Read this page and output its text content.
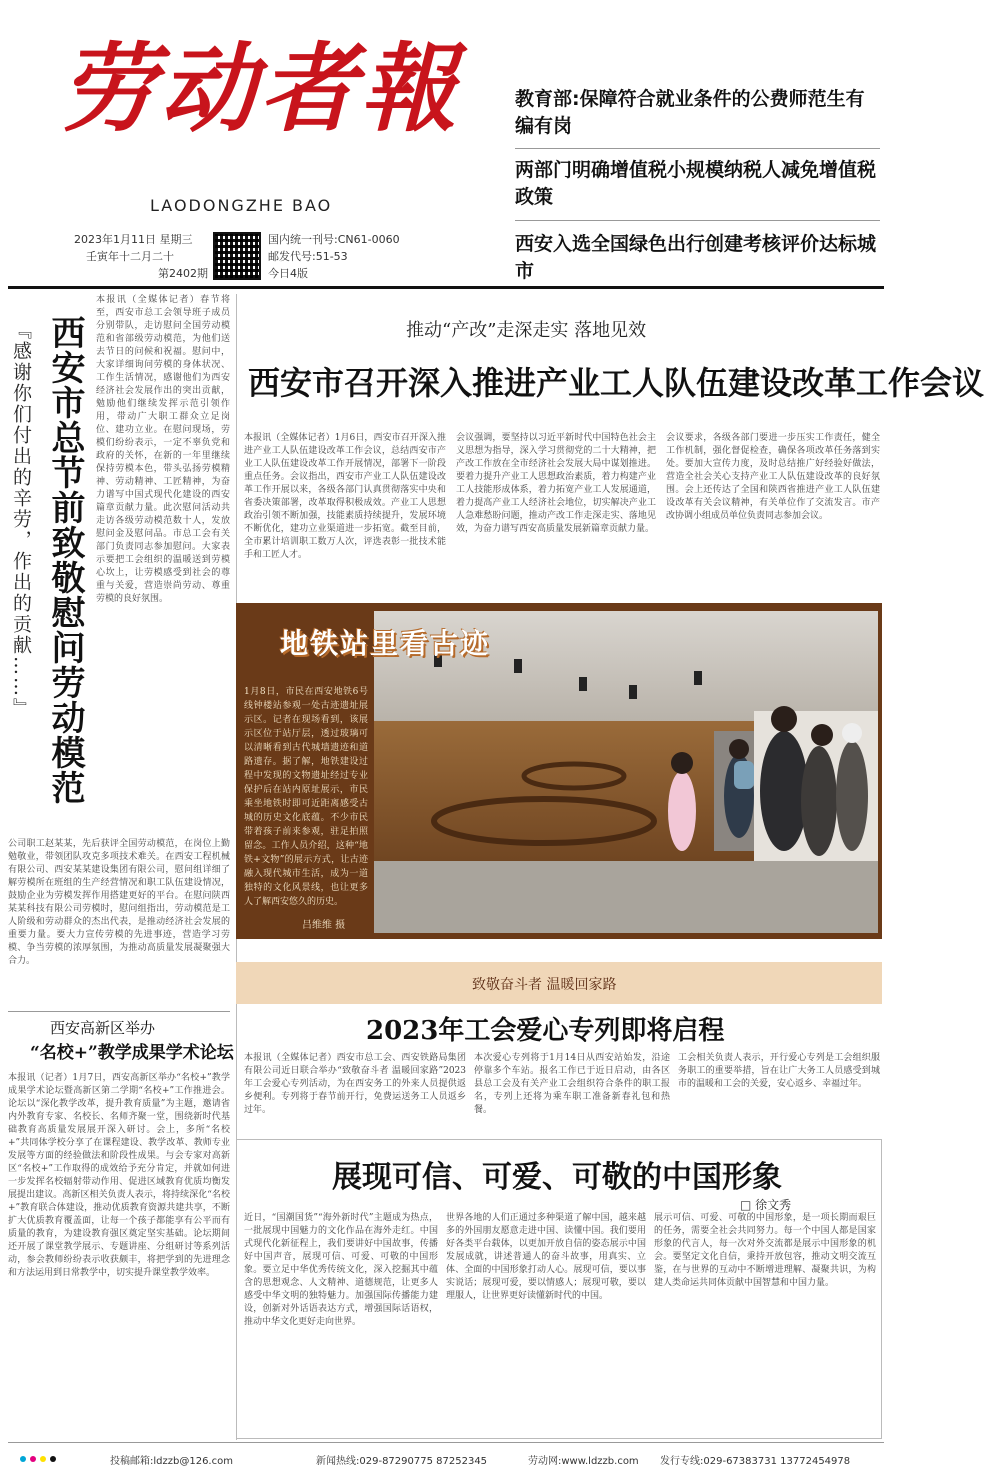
劳动者報
LAODONGZHE BAO
2023年1月11日 星期三
壬寅年十二月二十
第2402期
国内统一刊号:CN61-0060
邮发代号:51-53
今日4版
教育部:保障符合就业条件的公费师范生有编有岗
两部门明确增值税小规模纳税人减免增值税政策
西安入选全国绿色出行创建考核评价达标城市
『感谢你们付出的辛劳，作出的贡献……』 西安市总节前致敬慰问劳动模范
本报讯（全媒体记者）春节将至，西安市总工会领导班子成员分别带队，走访慰问全国劳动模范和省部级劳动模范，为他们送去节日的问候和祝福。慰问中，大家详细询问劳模的身体状况、工作生活情况，感谢他们为西安经济社会发展作出的突出贡献，勉励他们继续发挥示范引领作用，带动广大职工群众立足岗位、建功立业。在慰问现场，劳模们纷纷表示，一定不辜负党和政府的关怀，在新的一年里继续保持劳模本色，带头弘扬劳模精神、劳动精神、工匠精神，为奋力谱写中国式现代化建设的西安篇章贡献力量。此次慰问活动共走访各级劳动模范数十人，发放慰问金及慰问品。市总工会有关部门负责同志参加慰问。大家表示要把工会组织的温暖送到劳模心坎上，让劳模感受到社会的尊重与关爱，营造崇尚劳动、尊重劳模的良好氛围。
公司职工赵某某，先后获评全国劳动模范，在岗位上勤勉敬业，带领团队攻克多项技术难关。在西安工程机械有限公司、西安某某建设集团有限公司，慰问组详细了解劳模所在班组的生产经营情况和职工队伍建设情况，鼓励企业为劳模发挥作用搭建更好的平台。在慰问陕西某某科技有限公司劳模时，慰问组指出，劳动模范是工人阶级和劳动群众的杰出代表，是推动经济社会发展的重要力量。要大力宣传劳模的先进事迹，营造学习劳模、争当劳模的浓厚氛围，为推动高质量发展凝聚强大合力。
西安高新区举办
“名校+”教学成果学术论坛
本报讯（记者）1月7日，西安高新区举办“名校+”教学成果学术论坛暨高新区第二学期“名校+”工作推进会。论坛以“深化教学改革，提升教育质量”为主题，邀请省内外教育专家、名校长、名师齐聚一堂，围绕新时代基础教育高质量发展展开深入研讨。会上，多所“名校+”共同体学校分享了在课程建设、教学改革、教师专业发展等方面的经验做法和阶段性成果。与会专家对高新区“名校+”工作取得的成效给予充分肯定，并就如何进一步发挥名校辐射带动作用、促进区域教育优质均衡发展提出建议。高新区相关负责人表示，将持续深化“名校+”教育联合体建设，推动优质教育资源共建共享，不断扩大优质教育覆盖面，让每一个孩子都能享有公平而有质量的教育，为建设教育强区奠定坚实基础。论坛期间还开展了课堂教学展示、专题讲座、分组研讨等系列活动，参会教师纷纷表示收获颇丰，将把学到的先进理念和方法运用到日常教学中，切实提升课堂教学效率。
推动“产改”走深走实 落地见效
西安市召开深入推进产业工人队伍建设改革工作会议
本报讯（全媒体记者）1月6日，西安市召开深入推进产业工人队伍建设改革工作会议，总结西安市产业工人队伍建设改革工作开展情况，部署下一阶段重点任务。会议指出，西安市产业工人队伍建设改革工作开展以来，各级各部门认真贯彻落实中央和省委决策部署，改革取得积极成效。产业工人思想政治引领不断加强，技能素质持续提升，发展环境不断优化，建功立业渠道进一步拓宽。截至目前，全市累计培训职工数万人次，评选表彰一批技术能手和工匠人才。
会议强调，要坚持以习近平新时代中国特色社会主义思想为指导，深入学习贯彻党的二十大精神，把产改工作放在全市经济社会发展大局中谋划推进。要着力提升产业工人思想政治素质，着力构建产业工人技能形成体系，着力拓宽产业工人发展通道，着力提高产业工人经济社会地位，切实解决产业工人急难愁盼问题，推动产改工作走深走实、落地见效，为奋力谱写西安高质量发展新篇章贡献力量。
会议要求，各级各部门要进一步压实工作责任，健全工作机制，强化督促检查，确保各项改革任务落到实处。要加大宣传力度，及时总结推广好经验好做法，营造全社会关心支持产业工人队伍建设改革的良好氛围。会上还传达了全国和陕西省推进产业工人队伍建设改革有关会议精神，有关单位作了交流发言。市产改协调小组成员单位负责同志参加会议。
1月8日，市民在西安地铁6号线钟楼站参观一处古迹遗址展示区。记者在现场看到，该展示区位于站厅层，透过玻璃可以清晰看到古代城墙遗迹和道路遗存。据了解，地铁建设过程中发现的文物遗址经过专业保护后在站内原址展示，市民乘坐地铁时即可近距离感受古城的历史文化底蕴。不少市民带着孩子前来参观，驻足拍照留念。工作人员介绍，这种“地铁+文物”的展示方式，让古迹融入现代城市生活，成为一道独特的文化风景线，也让更多人了解西安悠久的历史。
吕维维 摄
地铁站里看古迹
致敬奋斗者 温暖回家路
2023年工会爱心专列即将启程
本报讯（全媒体记者）西安市总工会、西安铁路局集团有限公司近日联合举办“致敬奋斗者 温暖回家路”2023年工会爱心专列活动，为在西安务工的外来人员提供返乡便利。专列将于春节前开行，免费运送务工人员返乡过年。
本次爱心专列将于1月14日从西安站始发，沿途停靠多个车站。报名工作已于近日启动，由各区县总工会及有关产业工会组织符合条件的职工报名，专列上还将为乘车职工准备新春礼包和热餐。
工会相关负责人表示，开行爱心专列是工会组织服务职工的重要举措，旨在让广大务工人员感受到城市的温暖和工会的关爱，安心返乡、幸福过年。
展现可信、可爱、可敬的中国形象
□ 徐文秀
近日，“国潮国货”“海外新时代”主题成为热点，一批展现中国魅力的文化作品在海外走红。中国式现代化新征程上，我们要讲好中国故事，传播好中国声音，展现可信、可爱、可敬的中国形象。要立足中华优秀传统文化，深入挖掘其中蕴含的思想观念、人文精神、道德规范，让更多人感受中华文明的独特魅力。加强国际传播能力建设，创新对外话语表达方式，增强国际话语权，推动中华文化更好走向世界。
世界各地的人们正通过多种渠道了解中国，越来越多的外国朋友愿意走进中国、读懂中国。我们要用好各类平台载体，以更加开放自信的姿态展示中国发展成就，讲述普通人的奋斗故事，用真实、立体、全面的中国形象打动人心。展现可信，要以事实说话；展现可爱，要以情感人；展现可敬，要以理服人，让世界更好读懂新时代的中国。
展示可信、可爱、可敬的中国形象，是一项长期而艰巨的任务，需要全社会共同努力。每一个中国人都是国家形象的代言人，每一次对外交流都是展示中国形象的机会。要坚定文化自信，秉持开放包容，推动文明交流互鉴，在与世界的互动中不断增进理解、凝聚共识，为构建人类命运共同体贡献中国智慧和中国力量。
投稿邮箱:ldzzb@126.com	新闻热线:029-87290775 87252345	劳动网:www.ldzzb.com 发行专线:029-67383731 13772454978
